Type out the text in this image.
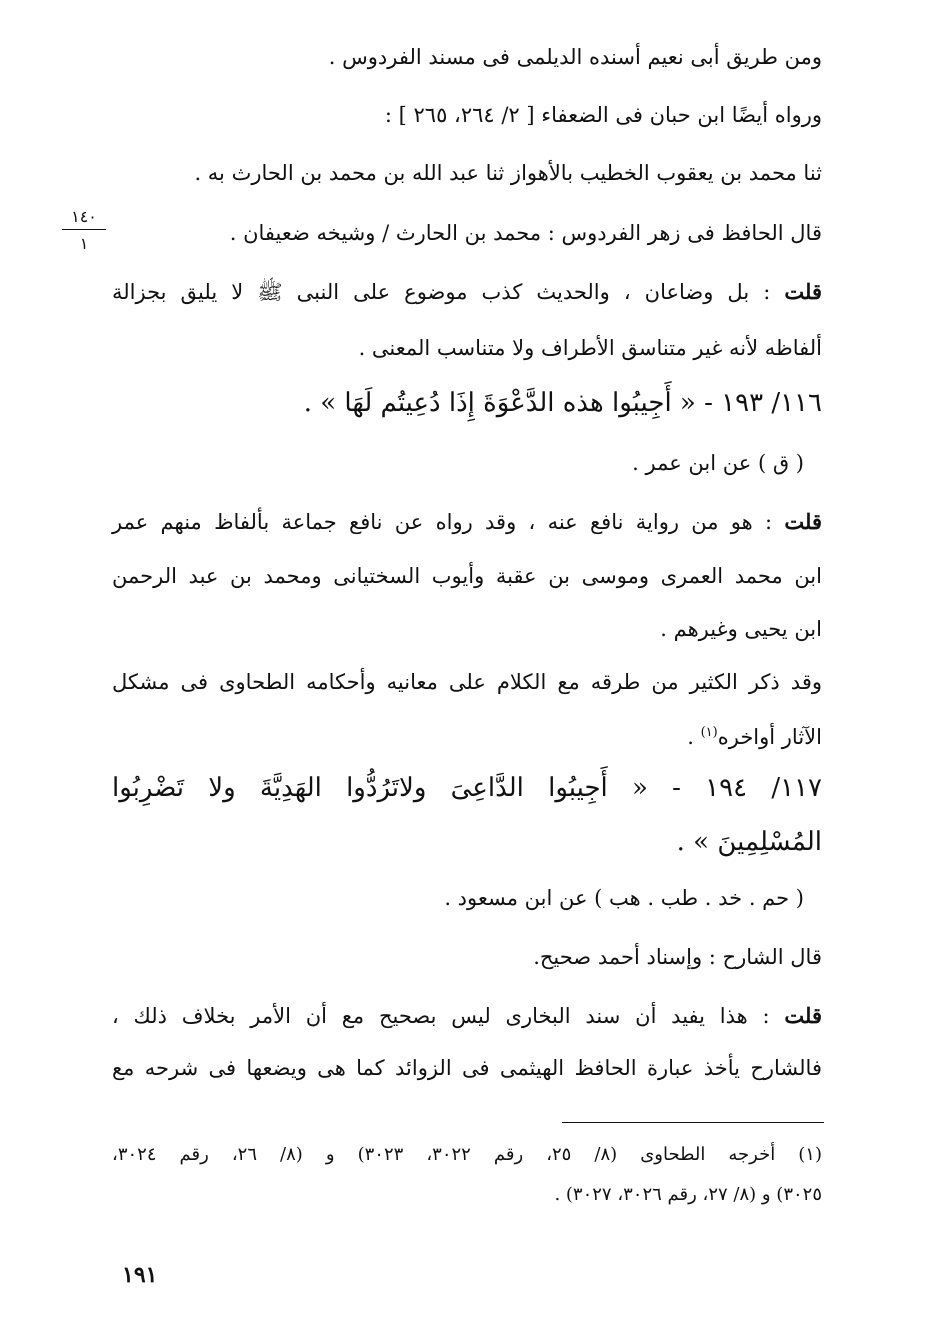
١٤٠
١
ومن طريق أبى نعيم أسنده الديلمى فى مسند الفردوس .
ورواه أيضًا ابن حبان فى الضعفاء [ ٢/ ٢٦٤، ٢٦٥ ] :
ثنا محمد بن يعقوب الخطيب بالأهواز ثنا عبد الله بن محمد بن الحارث به .
قال الحافظ فى زهر الفردوس : محمد بن الحارث / وشيخه ضعيفان .
قلت : بل وضاعان ، والحديث كذب موضوع على النبى ﷺ لا يليق بجزالة
ألفاظه لأنه غير متناسق الأطراف ولا متناسب المعنى .
١١٦/ ١٩٣ - « أَجِيبُوا هذه الدَّعْوَةَ إِذَا دُعِيتُم لَهَا » .
( ق ) عن ابن عمر .
قلت : هو من رواية نافع عنه ، وقد رواه عن نافع جماعة بألفاظ منهم عمر
ابن محمد العمرى وموسى بن عقبة وأيوب السختيانى ومحمد بن عبد الرحمن
ابن يحيى وغيرهم .
وقد ذكر الكثير من طرقه مع الكلام على معانيه وأحكامه الطحاوى فى مشكل
الآثار أواخره$^{(١)}$ .
١١٧/ ١٩٤ - « أَجِيبُوا الدَّاعِىَ ولاتَرُدُّوا الهَدِيَّةَ ولا تَضْرِبُوا
المُسْلِمِينَ » .
( حم . خد . طب . هب ) عن ابن مسعود .
قال الشارح : وإسناد أحمد صحيح.
قلت : هذا يفيد أن سند البخارى ليس بصحيح مع أن الأمر بخلاف ذلك ،
فالشارح يأخذ عبارة الحافظ الهيثمى فى الزوائد كما هى ويضعها فى شرحه مع
(١) أخرجه الطحاوى (٨/ ٢٥، رقم ٣٠٢٢، ٣٠٢٣) و (٨/ ٢٦، رقم ٣٠٢٤،
٣٠٢٥) و (٨/ ٢٧، رقم ٣٠٢٦، ٣٠٢٧) .
١٩١
